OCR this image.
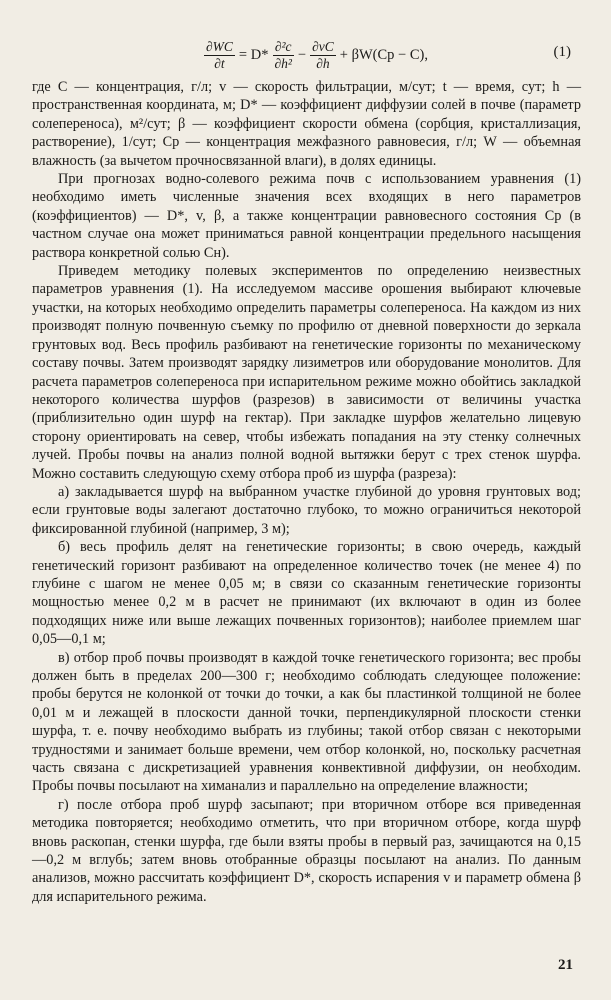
$\frac{\partial WC}{\partial t} = D* \frac{\text{∂²c}}{\text{∂h²}} - \frac{\partial vC}{\partial h} + \beta W(Cp - C)$,	(1)

где C — концентрация, г/л; v — скорость фильтрации, м/сут; t — время, сут; h — пространственная координата, м; D* — коэффициент диффузии солей в почве (параметр солепереноса), м²/сут; β — коэффициент скорости обмена (сорбция, кристаллизация, растворение), 1/сут; Cp — концентрация межфазного равновесия, г/л; W — объемная влажность (за вычетом прочносвязанной влаги), в долях единицы.

При прогнозах водно-солевого режима почв с использованием уравнения (1) необходимо иметь численные значения всех входящих в него параметров (коэффициентов) — D*, v, β, а также концентрации равновесного состояния Cp (в частном случае она может приниматься равной концентрации предельного насыщения раствора конкретной солью Cн).

Приведем методику полевых экспериментов по определению неизвестных параметров уравнения (1). На исследуемом массиве орошения выбирают ключевые участки, на которых необходимо определить параметры солепереноса. На каждом из них производят полную почвенную съемку по профилю от дневной поверхности до зеркала грунтовых вод. Весь профиль разбивают на генетические горизонты по механическому составу почвы. Затем производят зарядку лизиметров или оборудование монолитов. Для расчета параметров солепереноса при испарительном режиме можно обойтись закладкой некоторого количества шурфов (разрезов) в зависимости от величины участка (приблизительно один шурф на гектар). При закладке шурфов желательно лицевую сторону ориентировать на север, чтобы избежать попадания на эту стенку солнечных лучей. Пробы почвы на анализ полной водной вытяжки берут с трех стенок шурфа. Можно составить следующую схему отбора проб из шурфа (разреза):

а) закладывается шурф на выбранном участке глубиной до уровня грунтовых вод; если грунтовые воды залегают достаточно глубоко, то можно ограничиться некоторой фиксированной глубиной (например, 3 м);

б) весь профиль делят на генетические горизонты; в свою очередь, каждый генетический горизонт разбивают на определенное количество точек (не менее 4) по глубине с шагом не менее 0,05 м; в связи со сказанным генетические горизонты мощностью менее 0,2 м в расчет не принимают (их включают в один из более подходящих ниже или выше лежащих почвенных горизонтов); наиболее приемлем шаг 0,05—0,1 м;

в) отбор проб почвы производят в каждой точке генетического горизонта; вес пробы должен быть в пределах 200—300 г; необходимо соблюдать следующее положение: пробы берутся не колонкой от точки до точки, а как бы пластинкой толщиной не более 0,01 м и лежащей в плоскости данной точки, перпендикулярной плоскости стенки шурфа, т. е. почву необходимо выбрать из глубины; такой отбор связан с некоторыми трудностями и занимает больше времени, чем отбор колонкой, но, поскольку расчетная часть связана с дискретизацией уравнения конвективной диффузии, он необходим. Пробы почвы посылают на химанализ и параллельно на определение влажности;

г) после отбора проб шурф засыпают; при вторичном отборе вся приведенная методика повторяется; необходимо отметить, что при вторичном отборе, когда шурф вновь раскопан, стенки шурфа, где были взяты пробы в первый раз, зачищаются на 0,15—0,2 м вглубь; затем вновь отобранные образцы посылают на анализ. По данным анализов, можно рассчитать коэффициент D*, скорость испарения v и параметр обмена β для испарительного режима.

21
